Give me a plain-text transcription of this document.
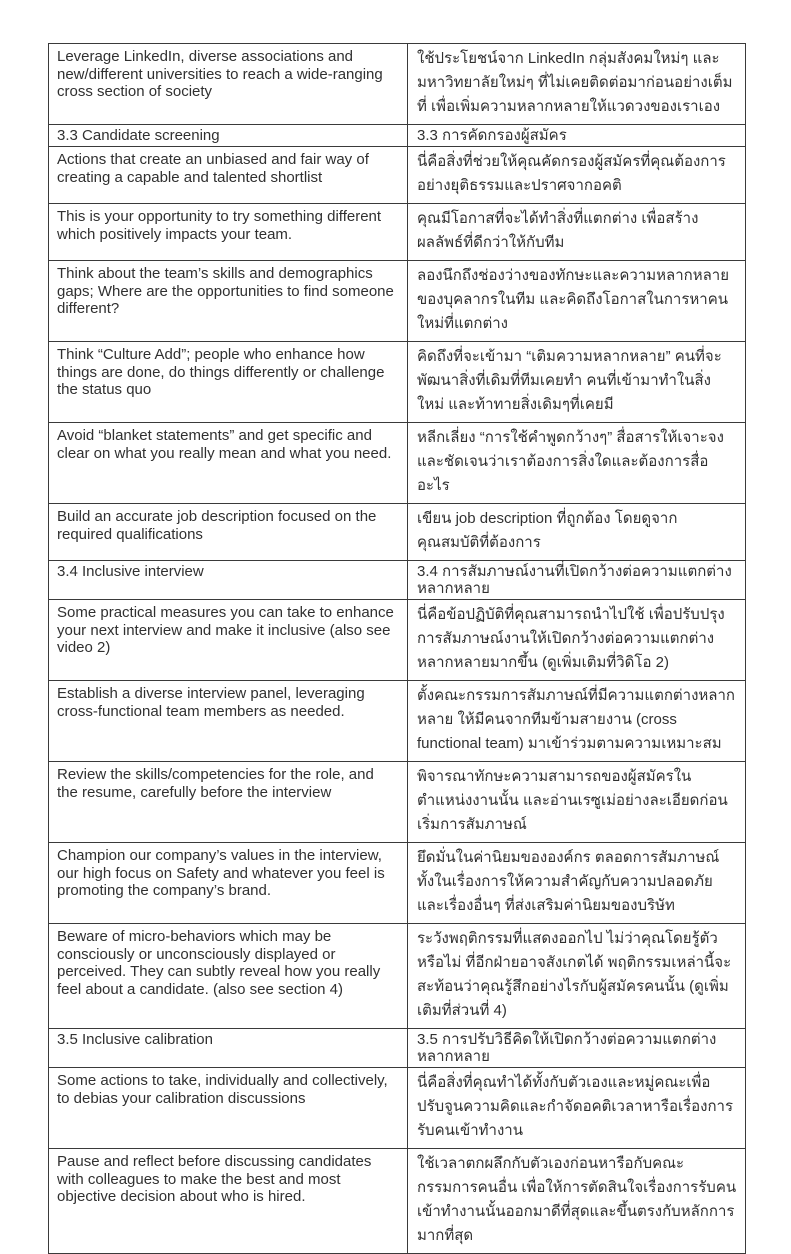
Leverage LinkedIn, diverse associations and new/different universities to reach a wide-ranging cross section of society	ใช้ประโยชน์จาก LinkedIn กลุ่มสังคมใหม่ๆ และมหาวิทยาลัยใหม่ๆ ที่ไม่เคยติดต่อมาก่อนอย่างเต็มที่ เพื่อเพิ่มความหลากหลายให้แวดวงของเราเอง
3.3 Candidate screening	3.3 การคัดกรองผู้สมัคร
Actions that create an unbiased and fair way of creating a capable and talented shortlist	นี่คือสิ่งที่ช่วยให้คุณคัดกรองผู้สมัครที่คุณต้องการอย่างยุติธรรมและปราศจากอคติ
This is your opportunity to try something different which positively impacts your team.	คุณมีโอกาสที่จะได้ทำสิ่งที่แตกต่าง เพื่อสร้างผลลัพธ์ที่ดีกว่าให้กับทีม
Think about the team’s skills and demographics gaps; Where are the opportunities to find someone different?	ลองนึกถึงช่องว่างของทักษะและความหลากหลายของบุคลากรในทีม และคิดถึงโอกาสในการหาคนใหม่ที่แตกต่าง
Think “Culture Add”; people who enhance how things are done, do things differently or challenge the status quo	คิดถึงที่จะเข้ามา “เติมความหลากหลาย” คนที่จะพัฒนาสิ่งที่เดิมที่ทีมเคยทำ คนที่เข้ามาทำในสิ่งใหม่ และท้าทายสิ่งเดิมๆที่เคยมี
Avoid “blanket statements” and get specific and clear on what you really mean and what you need.	หลีกเลี่ยง “การใช้คำพูดกว้างๆ” สื่อสารให้เจาะจงและชัดเจนว่าเราต้องการสิ่งใดและต้องการสื่ออะไร
Build an accurate job description focused on the required qualifications	เขียน job description ที่ถูกต้อง โดยดูจากคุณสมบัติที่ต้องการ
3.4 Inclusive interview	3.4 การสัมภาษณ์งานที่เปิดกว้างต่อความแตกต่างหลากหลาย
Some practical measures you can take to enhance your next interview and make it inclusive (also see video 2)	นี่คือข้อปฏิบัติที่คุณสามารถนำไปใช้ เพื่อปรับปรุงการสัมภาษณ์งานให้เปิดกว้างต่อความแตกต่างหลากหลายมากขึ้น (ดูเพิ่มเติมที่วิดิโอ 2)
Establish a diverse interview panel, leveraging cross-functional team members as needed.	ตั้งคณะกรรมการสัมภาษณ์ที่มีความแตกต่างหลากหลาย ให้มีคนจากทีมข้ามสายงาน (cross functional team) มาเข้าร่วมตามความเหมาะสม
Review the skills/competencies for the role, and the resume, carefully before the interview	พิจารณาทักษะความสามารถของผู้สมัครในตำแหน่งงานนั้น และอ่านเรซูเม่อย่างละเอียดก่อนเริ่มการสัมภาษณ์
Champion our company’s values in the interview, our high focus on Safety and whatever you feel is promoting the company’s brand.	ยึดมั่นในค่านิยมขององค์กร ตลอดการสัมภาษณ์ ทั้งในเรื่องการให้ความสำคัญกับความปลอดภัย และเรื่องอื่นๆ ที่ส่งเสริมค่านิยมของบริษัท
Beware of micro-behaviors which may be consciously or unconsciously displayed or perceived. They can subtly reveal how you really feel about a candidate. (also see section 4)	ระวังพฤติกรรมที่แสดงออกไป ไม่ว่าคุณโดยรู้ตัวหรือไม่ ที่อีกฝ่ายอาจสังเกตได้ พฤติกรรมเหล่านี้จะสะท้อนว่าคุณรู้สึกอย่างไรกับผู้สมัครคนนั้น (ดูเพิ่มเติมที่ส่วนที่ 4)
3.5 Inclusive calibration	3.5 การปรับวิธีคิดให้เปิดกว้างต่อความแตกต่างหลากหลาย
Some actions to take, individually and collectively, to debias your calibration discussions	นี่คือสิ่งที่คุณทำได้ทั้งกับตัวเองและหมู่คณะเพื่อปรับจูนความคิดและกำจัดอคติเวลาหารือเรื่องการรับคนเข้าทำงาน
Pause and reflect before discussing candidates with colleagues to make the best and most objective decision about who is hired.	ใช้เวลาตกผลึกกับตัวเองก่อนหารือกับคณะกรรมการคนอื่น เพื่อให้การตัดสินใจเรื่องการรับคนเข้าทำงานนั้นออกมาดีที่สุดและขึ้นตรงกับหลักการมากที่สุด
